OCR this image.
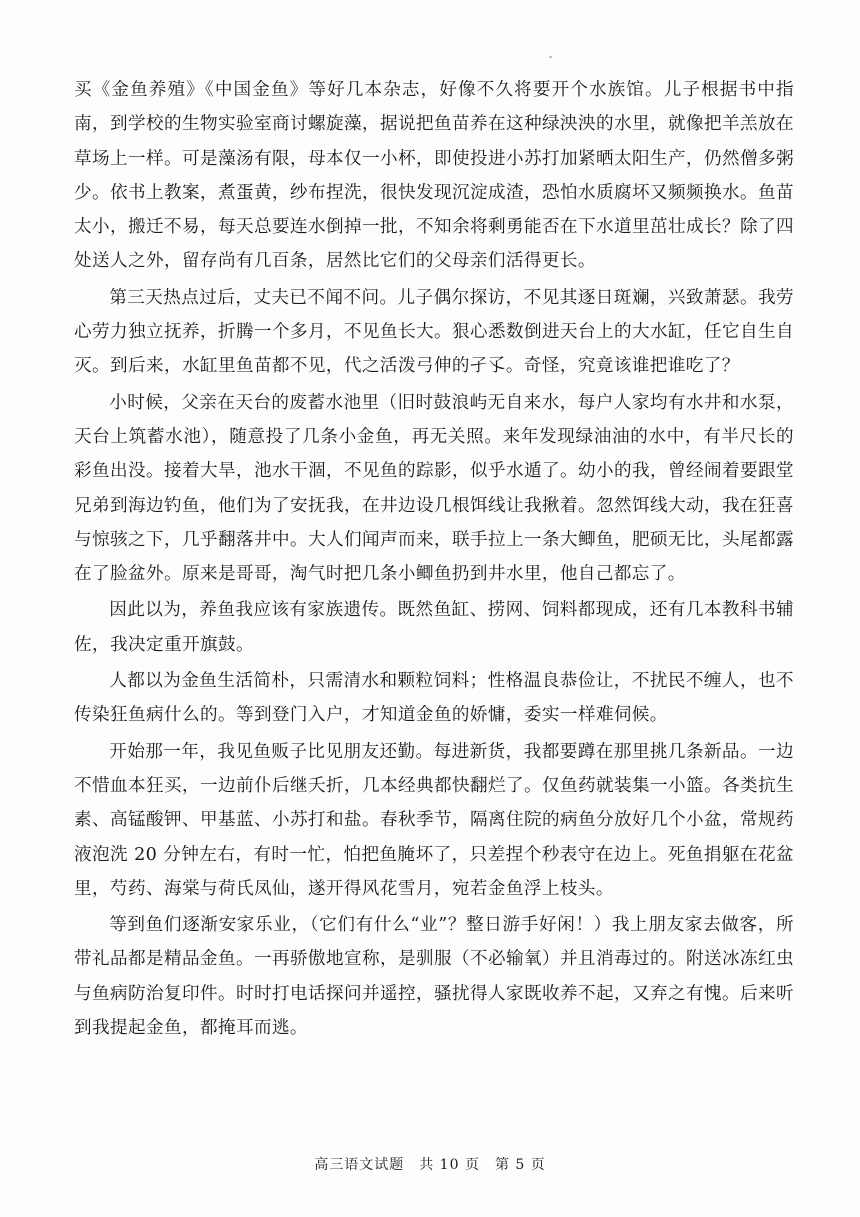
买《金鱼养殖》《中国金鱼》等好几本杂志，好像不久将要开个水族馆。儿子根据书中指南，到学校的生物实验室商讨螺旋藻，据说把鱼苗养在这种绿泱泱的水里，就像把羊羔放在草场上一样。可是藻汤有限，母本仅一小杯，即使投进小苏打加紧晒太阳生产，仍然僧多粥少。依书上教案，煮蛋黄，纱布捏洗，很快发现沉淀成渣，恐怕水质腐坏又频频换水。鱼苗太小，搬迁不易，每天总要连水倒掉一批，不知余将剩勇能否在下水道里茁壮成长？除了四处送人之外，留存尚有几百条，居然比它们的父母亲们活得更长。

第三天热点过后，丈夫已不闻不问。儿子偶尔探访，不见其逐日斑斓，兴致萧瑟。我劳心劳力独立抚养，折腾一个多月，不见鱼长大。狠心悉数倒进天台上的大水缸，任它自生自灭。到后来，水缸里鱼苗都不见，代之活泼弓伸的孑孓。奇怪，究竟该谁把谁吃了？

小时候，父亲在天台的废蓄水池里（旧时鼓浪屿无自来水，每户人家均有水井和水泵，天台上筑蓄水池），随意投了几条小金鱼，再无关照。来年发现绿油油的水中，有半尺长的彩鱼出没。接着大旱，池水干涸，不见鱼的踪影，似乎水遁了。幼小的我，曾经闹着要跟堂兄弟到海边钓鱼，他们为了安抚我，在井边设几根饵线让我揪着。忽然饵线大动，我在狂喜与惊骇之下，几乎翻落井中。大人们闻声而来，联手拉上一条大鲫鱼，肥硕无比，头尾都露在了脸盆外。原来是哥哥，淘气时把几条小鲫鱼扔到井水里，他自己都忘了。

因此以为，养鱼我应该有家族遗传。既然鱼缸、捞网、饲料都现成，还有几本教科书辅佐，我决定重开旗鼓。

人都以为金鱼生活简朴，只需清水和颗粒饲料；性格温良恭俭让，不扰民不缠人，也不传染狂鱼病什么的。等到登门入户，才知道金鱼的娇慵，委实一样难伺候。

开始那一年，我见鱼贩子比见朋友还勤。每进新货，我都要蹲在那里挑几条新品。一边不惜血本狂买，一边前仆后继夭折，几本经典都快翻烂了。仅鱼药就装集一小篮。各类抗生素、高锰酸钾、甲基蓝、小苏打和盐。春秋季节，隔离住院的病鱼分放好几个小盆，常规药液泡洗 20 分钟左右，有时一忙，怕把鱼腌坏了，只差捏个秒表守在边上。死鱼捐躯在花盆里，芍药、海棠与荷氏凤仙，遂开得风花雪月，宛若金鱼浮上枝头。

等到鱼们逐渐安家乐业，（它们有什么“业”？整日游手好闲！）我上朋友家去做客，所带礼品都是精品金鱼。一再骄傲地宣称，是驯服（不必输氧）并且消毒过的。附送冰冻红虫与鱼病防治复印件。时时打电话探问并遥控，骚扰得人家既收养不起，又弃之有愧。后来听到我提起金鱼，都掩耳而逃。

高三语文试题　共 10 页　第 5 页
